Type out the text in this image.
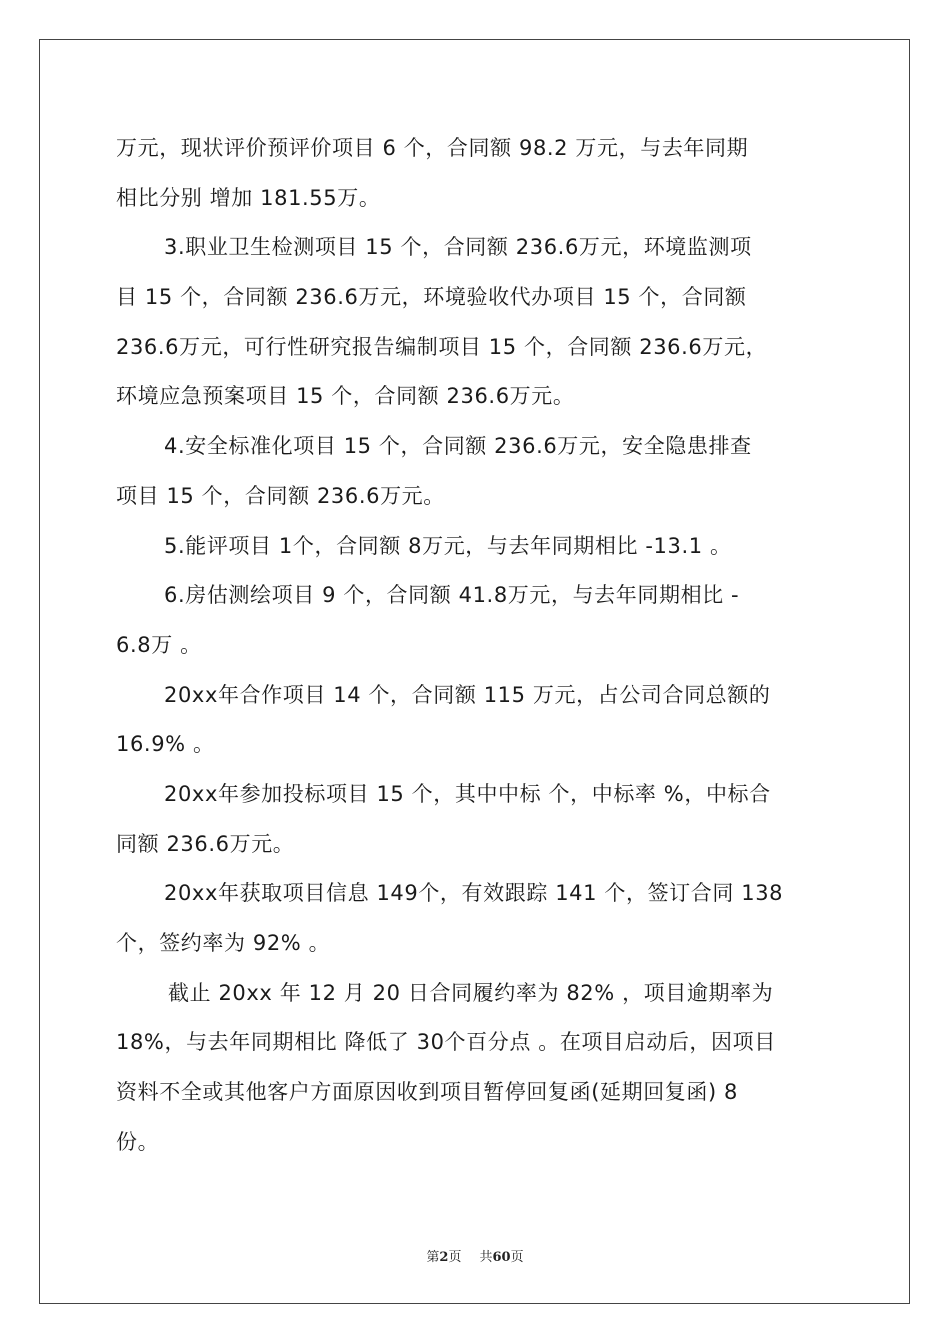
万元，现状评价预评价项目 6 个，合同额 98.2 万元，与去年同期
相比分别 增加 181.55万。
3.职业卫生检测项目 15 个，合同额 236.6万元，环境监测项
目 15 个，合同额 236.6万元，环境验收代办项目 15 个，合同额
236.6万元，可行性研究报告编制项目 15 个，合同额 236.6万元，
环境应急预案项目 15 个，合同额 236.6万元。
4.安全标准化项目 15 个，合同额 236.6万元，安全隐患排查
项目 15 个，合同额 236.6万元。
5.能评项目 1个，合同额 8万元，与去年同期相比 -13.1 。
6.房估测绘项目 9 个，合同额 41.8万元，与去年同期相比 -
6.8万 。
20xx年合作项目 14 个，合同额 115 万元，占公司合同总额的
16.9% 。
20xx年参加投标项目 15 个，其中中标 个，中标率 %，中标合
同额 236.6万元。
20xx年获取项目信息 149个，有效跟踪 141 个，签订合同 138
个，签约率为 92% 。
截止 20xx 年 12 月 20 日合同履约率为 82% ，项目逾期率为
18%，与去年同期相比 降低了 30个百分点 。在项目启动后，因项目
资料不全或其他客户方面原因收到项目暂停回复函(延期回复函) 8
份。
第2页 共60页
